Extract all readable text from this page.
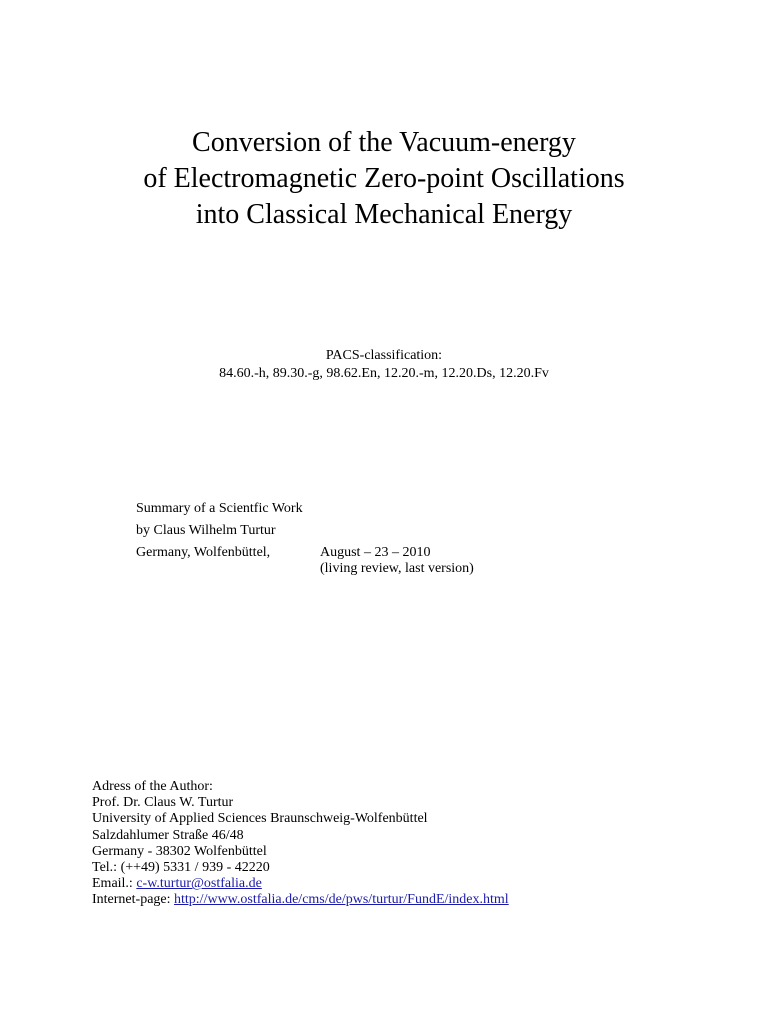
Conversion of the Vacuum-energy
of Electromagnetic Zero-point Oscillations
into Classical Mechanical Energy
PACS-classification:
84.60.-h, 89.30.-g, 98.62.En, 12.20.-m, 12.20.Ds, 12.20.Fv
Summary of a Scientfic Work
by Claus Wilhelm Turtur
Germany, Wolfenbüttel,	August – 23 – 2010
(living review, last version)
Adress of the Author:
Prof. Dr. Claus W. Turtur
University of Applied Sciences Braunschweig-Wolfenbüttel
Salzdahlumer Straße 46/48
Germany - 38302 Wolfenbüttel
Tel.: (++49) 5331 / 939 - 42220
Email.: c-w.turtur@ostfalia.de
Internet-page: http://www.ostfalia.de/cms/de/pws/turtur/FundE/index.html
